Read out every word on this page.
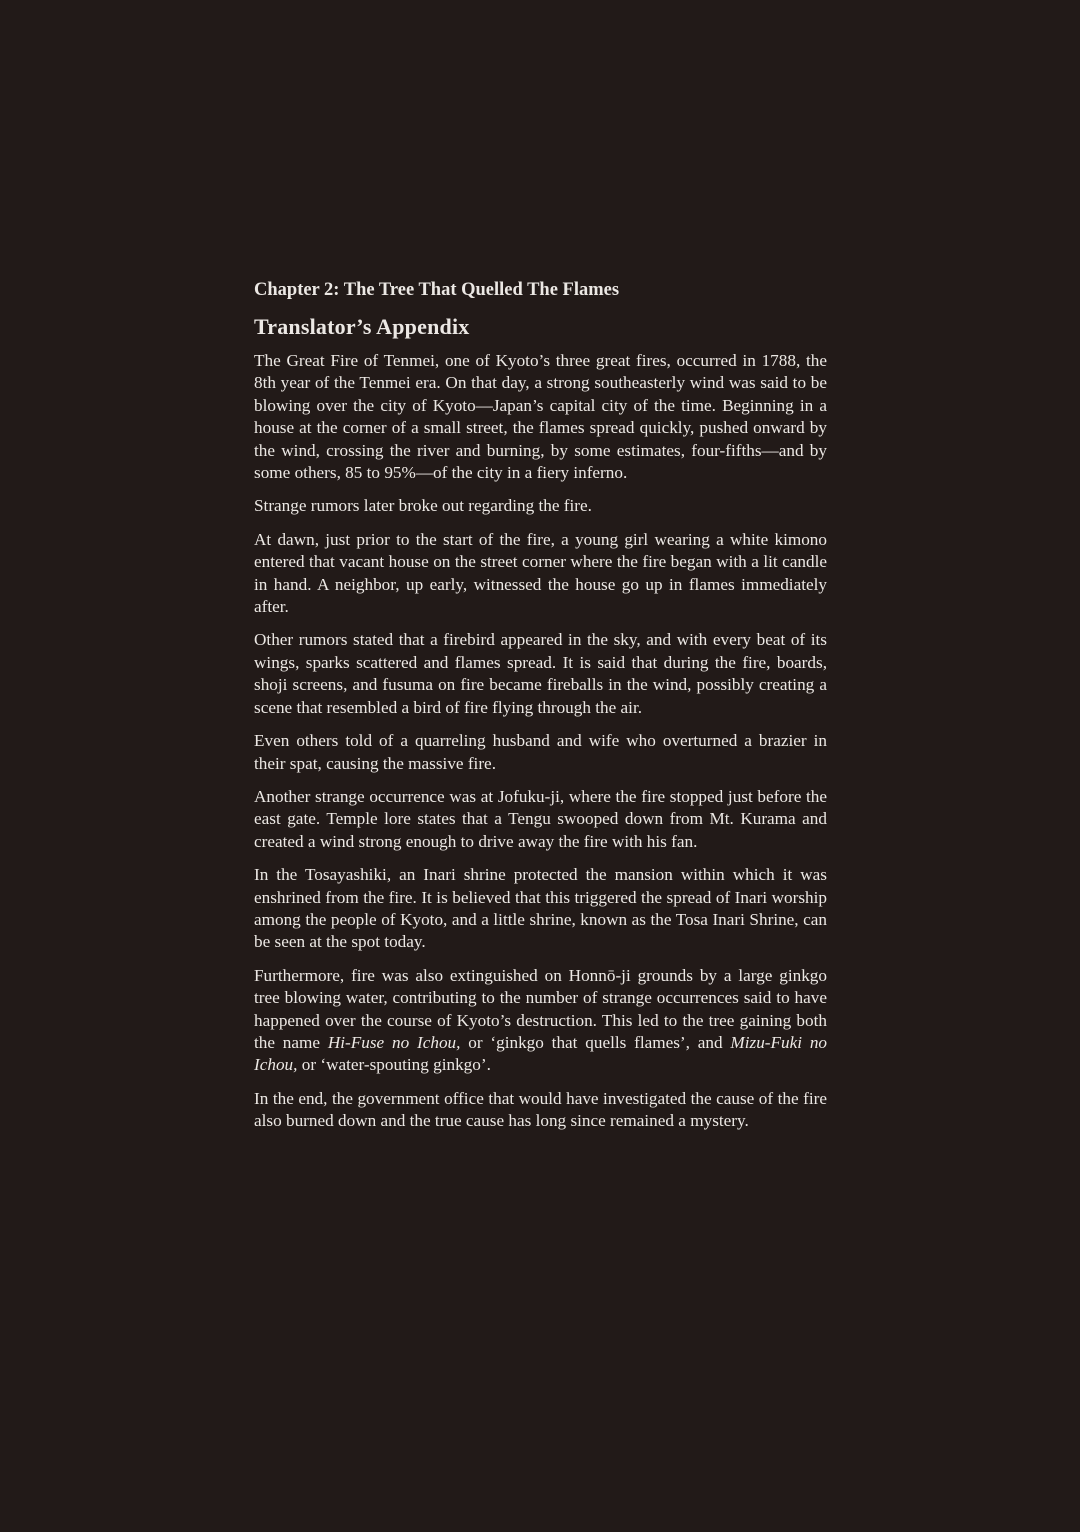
Chapter 2: The Tree That Quelled The Flames
Translator’s Appendix

The Great Fire of Tenmei, one of Kyoto’s three great fires, occurred in 1788, the 8th year of the Tenmei era. On that day, a strong southeasterly wind was said to be blowing over the city of Kyoto—Japan’s capital city of the time. Beginning in a house at the corner of a small street, the flames spread quickly, pushed onward by the wind, crossing the river and burning, by some estimates, four-fifths—and by some others, 85 to 95%—of the city in a fiery inferno.

Strange rumors later broke out regarding the fire.

At dawn, just prior to the start of the fire, a young girl wearing a white kimono entered that vacant house on the street corner where the fire began with a lit candle in hand. A neighbor, up early, witnessed the house go up in flames immediately after.

Other rumors stated that a firebird appeared in the sky, and with every beat of its wings, sparks scattered and flames spread. It is said that during the fire, boards, shoji screens, and fusuma on fire became fireballs in the wind, possibly creating a scene that resembled a bird of fire flying through the air.

Even others told of a quarreling husband and wife who overturned a brazier in their spat, causing the massive fire.

Another strange occurrence was at Jofuku-ji, where the fire stopped just before the east gate. Temple lore states that a Tengu swooped down from Mt. Kurama and created a wind strong enough to drive away the fire with his fan.

In the Tosayashiki, an Inari shrine protected the mansion within which it was enshrined from the fire. It is believed that this triggered the spread of Inari worship among the people of Kyoto, and a little shrine, known as the Tosa Inari Shrine, can be seen at the spot today.

Furthermore, fire was also extinguished on Honnō-ji grounds by a large ginkgo tree blowing water, contributing to the number of strange occurrences said to have happened over the course of Kyoto’s destruction. This led to the tree gaining both the name Hi-Fuse no Ichou, or ‘ginkgo that quells flames’, and Mizu-Fuki no Ichou, or ‘water-spouting ginkgo’.

In the end, the government office that would have investigated the cause of the fire also burned down and the true cause has long since remained a mystery.
